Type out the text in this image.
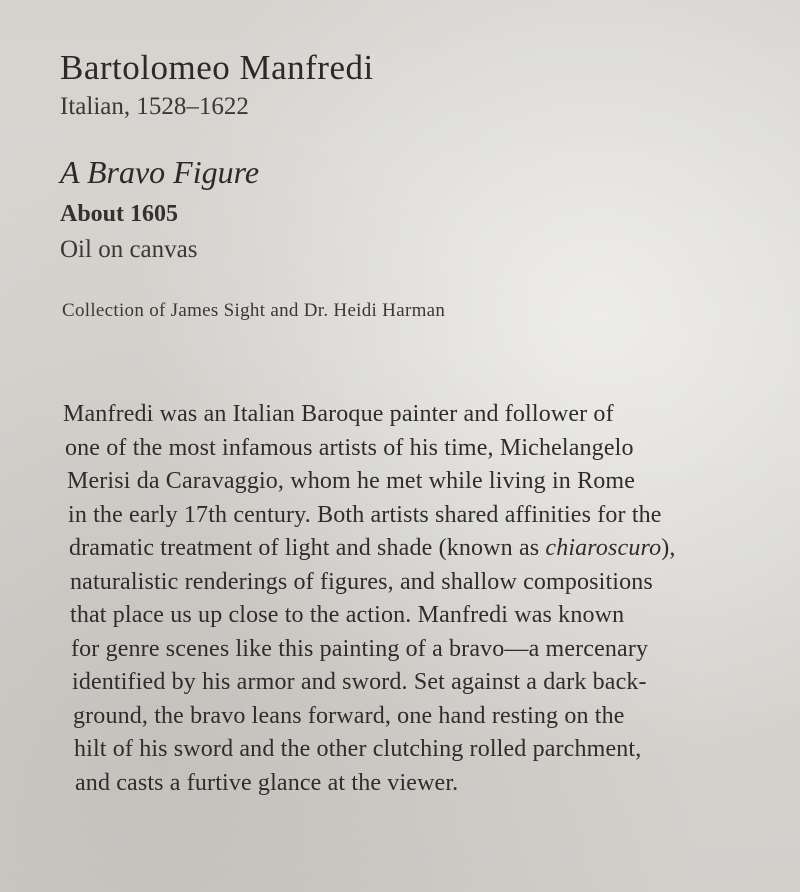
Bartolomeo Manfredi
Italian, 1528–1622
A Bravo Figure
About 1605
Oil on canvas
Collection of James Sight and Dr. Heidi Harman
Manfredi was an Italian Baroque painter and follower of
one of the most infamous artists of his time, Michelangelo
Merisi da Caravaggio, whom he met while living in Rome
in the early 17th century. Both artists shared affinities for the
dramatic treatment of light and shade (known as chiaroscuro),
naturalistic renderings of figures, and shallow compositions
that place us up close to the action. Manfredi was known
for genre scenes like this painting of a bravo—a mercenary
identified by his armor and sword. Set against a dark back-
ground, the bravo leans forward, one hand resting on the
hilt of his sword and the other clutching rolled parchment,
and casts a furtive glance at the viewer.
